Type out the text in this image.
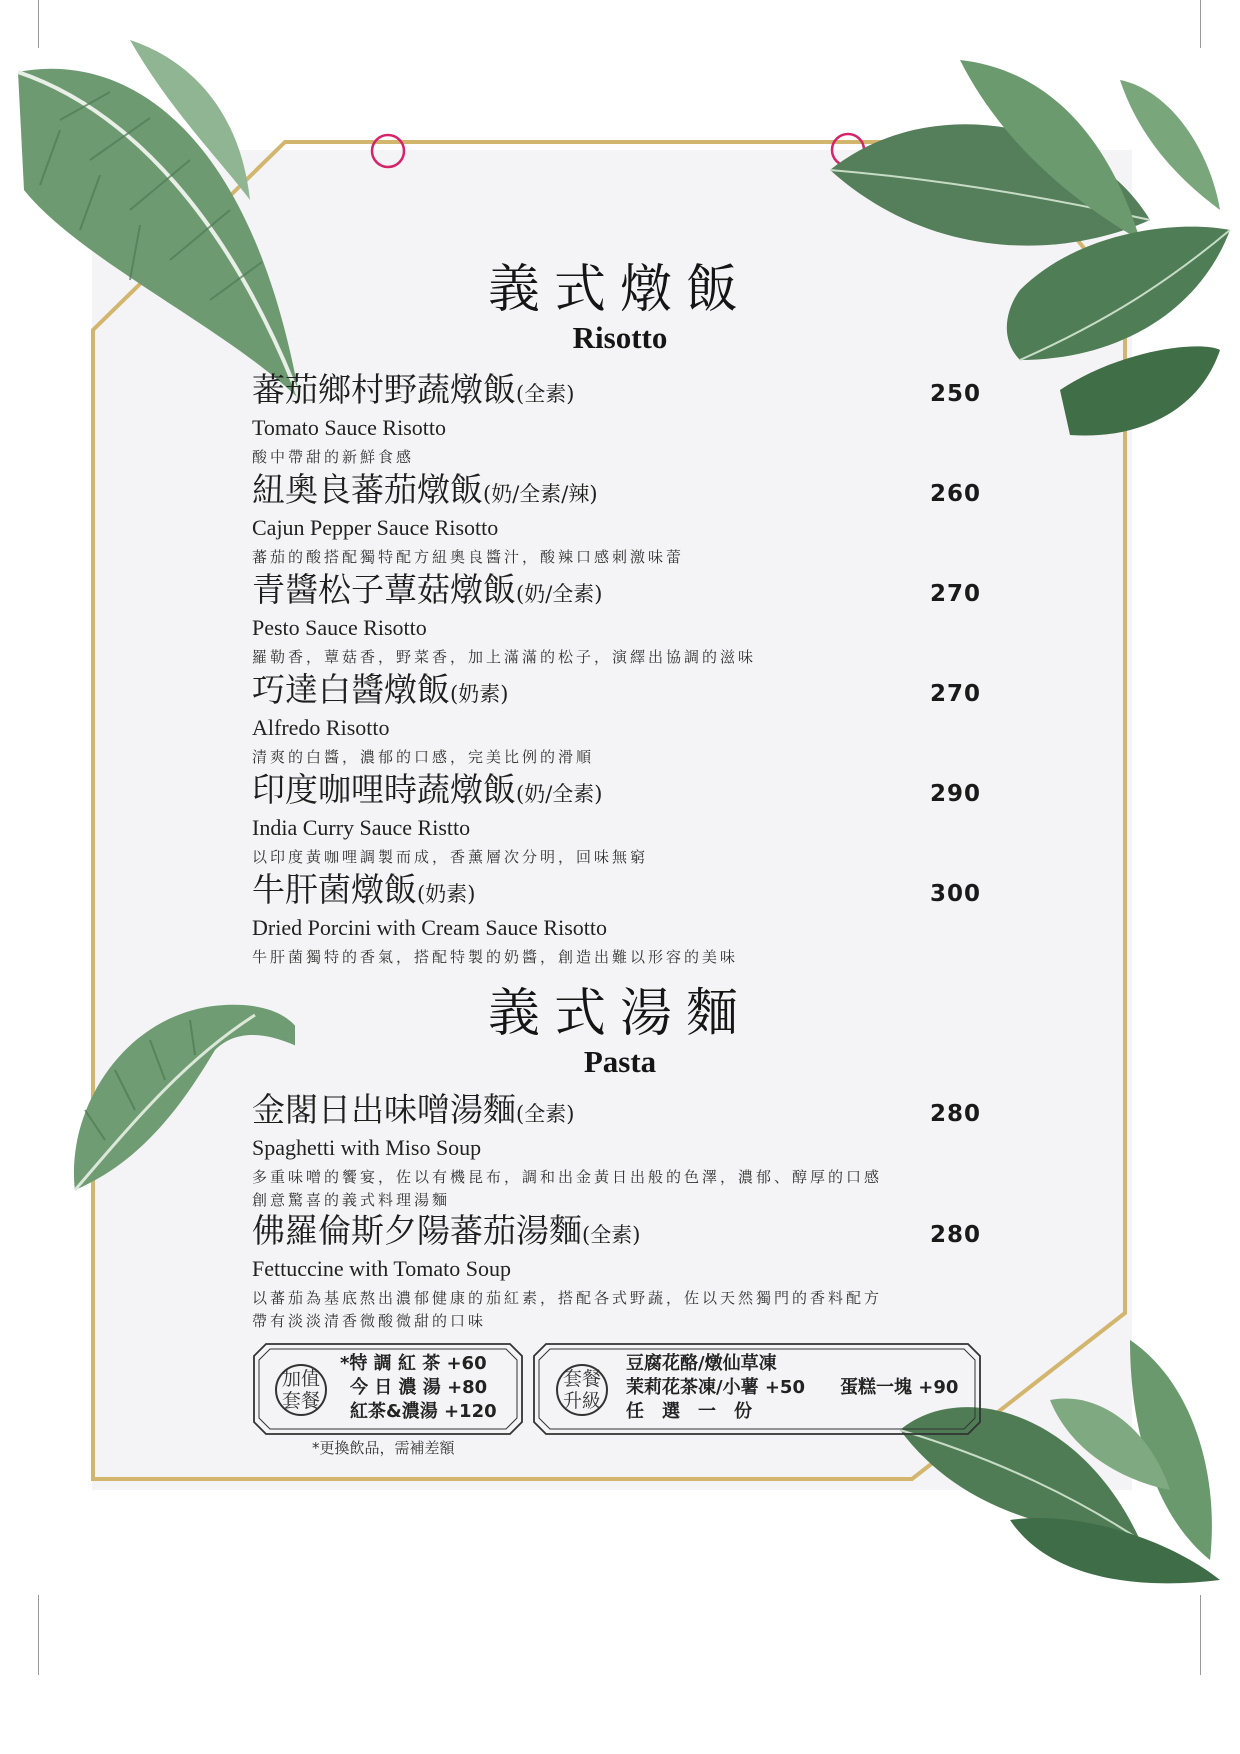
義式燉飯
Risotto
蕃茄鄉村野蔬燉飯(全素)
Tomato Sauce Risotto
酸中帶甜的新鮮食感
250
紐奧良蕃茄燉飯(奶/全素/辣)
Cajun Pepper Sauce Risotto
蕃茄的酸搭配獨特配方紐奧良醬汁，酸辣口感刺激味蕾
260
青醬松子蕈菇燉飯(奶/全素)
Pesto Sauce Risotto
羅勒香，蕈菇香，野菜香，加上滿滿的松子，演繹出協調的滋味
270
巧達白醬燉飯(奶素)
Alfredo Risotto
清爽的白醬，濃郁的口感，完美比例的滑順
270
印度咖哩時蔬燉飯(奶/全素)
India Curry Sauce Ristto
以印度黃咖哩調製而成，香薰層次分明，回味無窮
290
牛肝菌燉飯(奶素)
Dried Porcini with Cream Sauce Risotto
牛肝菌獨特的香氣，搭配特製的奶醬，創造出難以形容的美味
300
義式湯麵
Pasta
金閣日出味噌湯麵(全素)
Spaghetti with Miso Soup
多重味噌的饗宴，佐以有機昆布，調和出金黃日出般的色澤，濃郁、醇厚的口感
創意驚喜的義式料理湯麵
280
佛羅倫斯夕陽蕃茄湯麵(全素)
Fettuccine with Tomato Soup
以蕃茄為基底熬出濃郁健康的茄紅素，搭配各式野蔬，佐以天然獨門的香料配方
帶有淡淡清香微酸微甜的口味
280
加值
套餐
*特 調 紅 茶 +60
今 日 濃 湯 +80
紅茶&濃湯 +120
*更換飲品，需補差額
套餐
升級
豆腐花酪/燉仙草凍
茉莉花茶凍/小薯 +50 蛋糕一塊 +90
任　選　一　份
